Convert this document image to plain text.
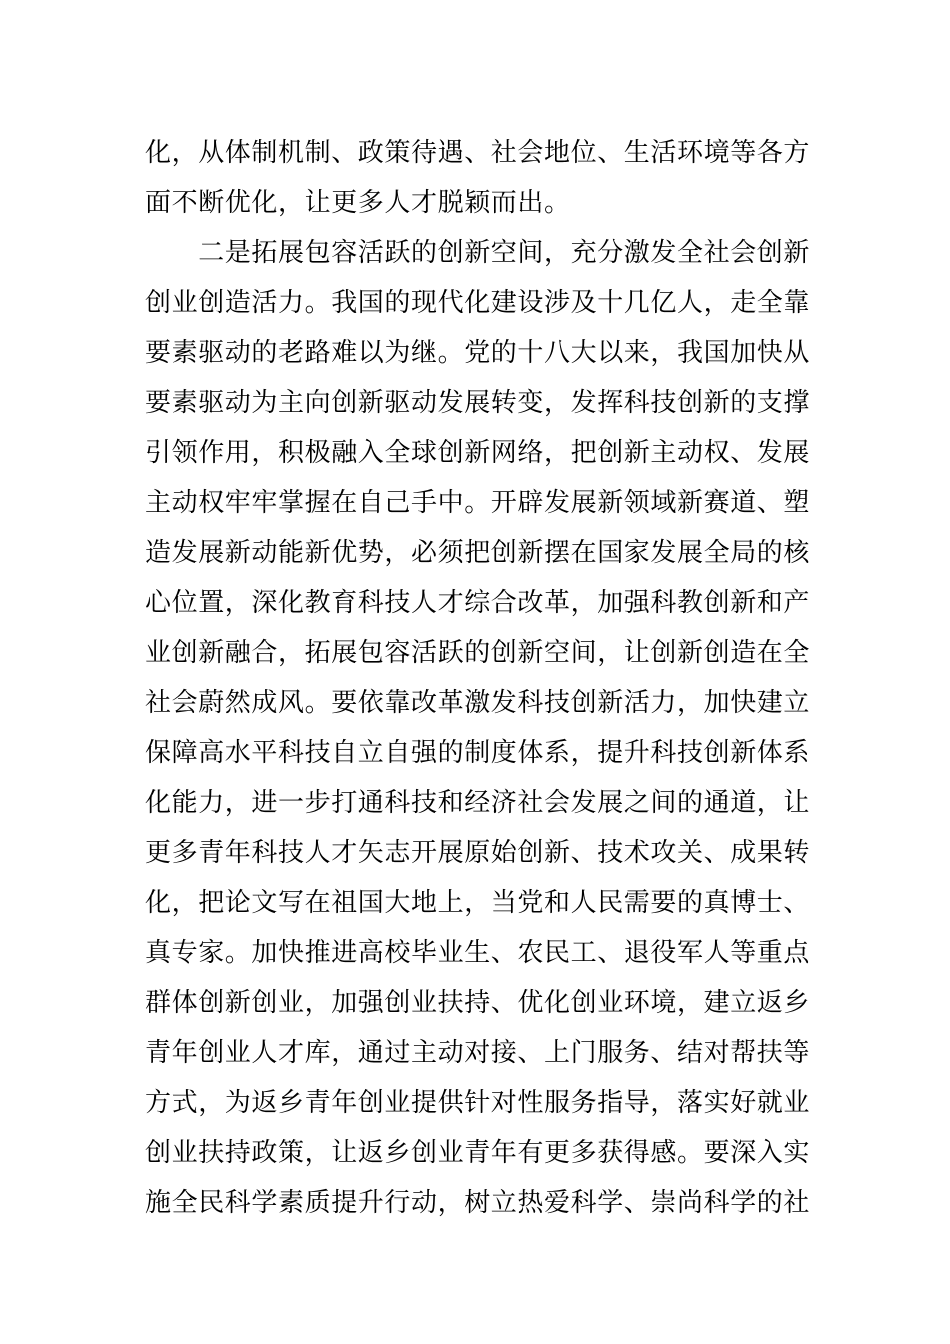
化，从体制机制、政策待遇、社会地位、生活环境等各方
面不断优化，让更多人才脱颖而出。
　　二是拓展包容活跃的创新空间，充分激发全社会创新
创业创造活力。我国的现代化建设涉及十几亿人，走全靠
要素驱动的老路难以为继。党的十八大以来，我国加快从
要素驱动为主向创新驱动发展转变，发挥科技创新的支撑
引领作用，积极融入全球创新网络，把创新主动权、发展
主动权牢牢掌握在自己手中。开辟发展新领域新赛道、塑
造发展新动能新优势，必须把创新摆在国家发展全局的核
心位置，深化教育科技人才综合改革，加强科教创新和产
业创新融合，拓展包容活跃的创新空间，让创新创造在全
社会蔚然成风。要依靠改革激发科技创新活力，加快建立
保障高水平科技自立自强的制度体系，提升科技创新体系
化能力，进一步打通科技和经济社会发展之间的通道，让
更多青年科技人才矢志开展原始创新、技术攻关、成果转
化，把论文写在祖国大地上，当党和人民需要的真博士、
真专家。加快推进高校毕业生、农民工、退役军人等重点
群体创新创业，加强创业扶持、优化创业环境，建立返乡
青年创业人才库，通过主动对接、上门服务、结对帮扶等
方式，为返乡青年创业提供针对性服务指导，落实好就业
创业扶持政策，让返乡创业青年有更多获得感。要深入实
施全民科学素质提升行动，树立热爱科学、崇尚科学的社
